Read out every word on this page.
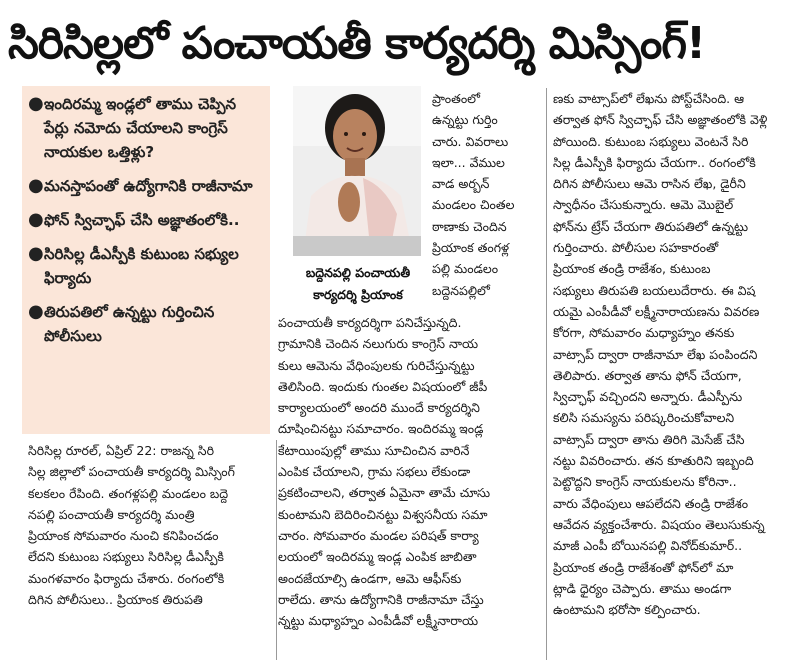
సిరిసిల్లలో పంచాయతీ కార్యదర్శి మిస్సింగ్!
● ఇందిరమ్మ ఇండ్లలో తాము చెప్పిన పేర్లు నమోదు చేయాలని కాంగ్రెస్ నాయకుల ఒత్తిళ్లు?
● మనస్తాపంతో ఉద్యోగానికి రాజీనామా
● ఫోన్ స్విచ్ఛాఫ్ చేసి అజ్ఞాతంలోకి..
● సిరిసిల్ల డీఎస్పీకి కుటుంబ సభ్యుల ఫిర్యాదు
● తిరుపతిలో ఉన్నట్టు గుర్తించిన పోలీసులు
బద్దెనపల్లి పంచాయతీ కార్యదర్శి ప్రియాంక
సిరిసిల్ల రూరల్, ఏప్రిల్ 22: రాజన్న సిరి
సిల్ల జిల్లాలో పంచాయతీ కార్యదర్శి మిస్సింగ్
కలకలం రేపింది. తంగళ్లపల్లి మండలం బద్దె
నపల్లి పంచాయతీ కార్యదర్శి మంత్రి
ప్రియాంక సోమవారం నుంచి కనిపించడం
లేదని కుటుంబ సభ్యులు సిరిసిల్ల డీఎస్పీకి
మంగళవారం ఫిర్యాదు చేశారు. రంగంలోకి
దిగిన పోలీసులు.. ప్రియాంక తిరుపతి
ప్రాంతంలో
ఉన్నట్టు గుర్తిం
చారు. వివరాలు
ఇలా... వేముల
వాడ అర్బన్
మండలం చింతల
ఠాణాకు చెందిన
ప్రియాంక తంగళ్ల
పల్లి మండలం
బద్దెనపల్లిలో
పంచాయతీ కార్యదర్శిగా పనిచేస్తున్నది.
గ్రామానికి చెందిన నలుగురు కాంగ్రెస్ నాయ
కులు ఆమెను వేధింపులకు గురిచేస్తున్నట్టు
తెలిసింది. ఇందుకు గుంతల విషయంలో జీపీ
కార్యాలయంలో అందరి ముందే కార్యదర్శిని
దూషించినట్టు సమాచారం. ఇందిరమ్మ ఇండ్ల
కేటాయింపుల్లో తాము సూచించిన వారినే
ఎంపిక చేయాలని, గ్రామ సభలు లేకుండా
ప్రకటించాలని, తర్వాత ఏమైనా తామే చూసు
కుంటామని బెదిరించినట్టు విశ్వసనీయ సమా
చారం. సోమవారం మండల పరిషత్ కార్యా
లయంలో ఇందిరమ్మ ఇండ్ల ఎంపిక జాబితా
అందజేయాల్సి ఉండగా, ఆమె ఆఫీస్‌కు
రాలేదు. తాను ఉద్యోగానికి రాజీనామా చేస్తు
న్నట్టు మధ్యాహ్నం ఎంపీడీవో లక్ష్మీనారాయ
ణకు వాట్సాప్‌లో లేఖను పోస్ట్‌చేసింది. ఆ
తర్వాత ఫోన్ స్విచ్ఛాఫ్ చేసి అజ్ఞాతంలోకి వెళ్లి
పోయింది. కుటుంబ సభ్యులు వెంటనే సిరి
సిల్ల డీఎస్పీకి ఫిర్యాదు చేయగా.. రంగంలోకి
దిగిన పోలీసులు ఆమె రాసిన లేఖ, డైరీని
స్వాధీనం చేసుకున్నారు. ఆమె మొబైల్
ఫోన్‌ను ట్రేస్ చేయగా తిరుపతిలో ఉన్నట్టు
గుర్తించారు. పోలీసుల సహకారంతో
ప్రియాంక తండ్రి రాజేశం, కుటుంబ
సభ్యులు తిరుపతి బయలుదేరారు. ఈ విష
యమై ఎంపీడీవో లక్ష్మీనారాయణను వివరణ
కోరగా, సోమవారం మధ్యాహ్నం తనకు
వాట్సాప్ ద్వారా రాజీనామా లేఖ పంపిందని
తెలిపారు. తర్వాత తాను ఫోన్ చేయగా,
స్విచ్ఛాఫ్ వచ్చిందని అన్నారు. డీఎస్పీను
కలిసి సమస్యను పరిష్కరించుకోవాలని
వాట్సాప్ ద్వారా తాను తిరిగి మెసేజ్ చేసి
నట్టు వివరించారు. తన కూతురిని ఇబ్బంది
పెట్టొద్దని కాంగ్రెస్ నాయకులను కోరినా..
వారు వేధింపులు ఆపలేదని తండ్రి రాజేశం
ఆవేదన వ్యక్తంచేశారు. విషయం తెలుసుకున్న
మాజీ ఎంపీ బోయినపల్లి వినోద్‌కుమార్..
ప్రియాంక తండ్రి రాజేశంతో ఫోన్‌లో మా
ట్లాడి ధైర్యం చెప్పారు. తాము అండగా
ఉంటామని భరోసా కల్పించారు.
